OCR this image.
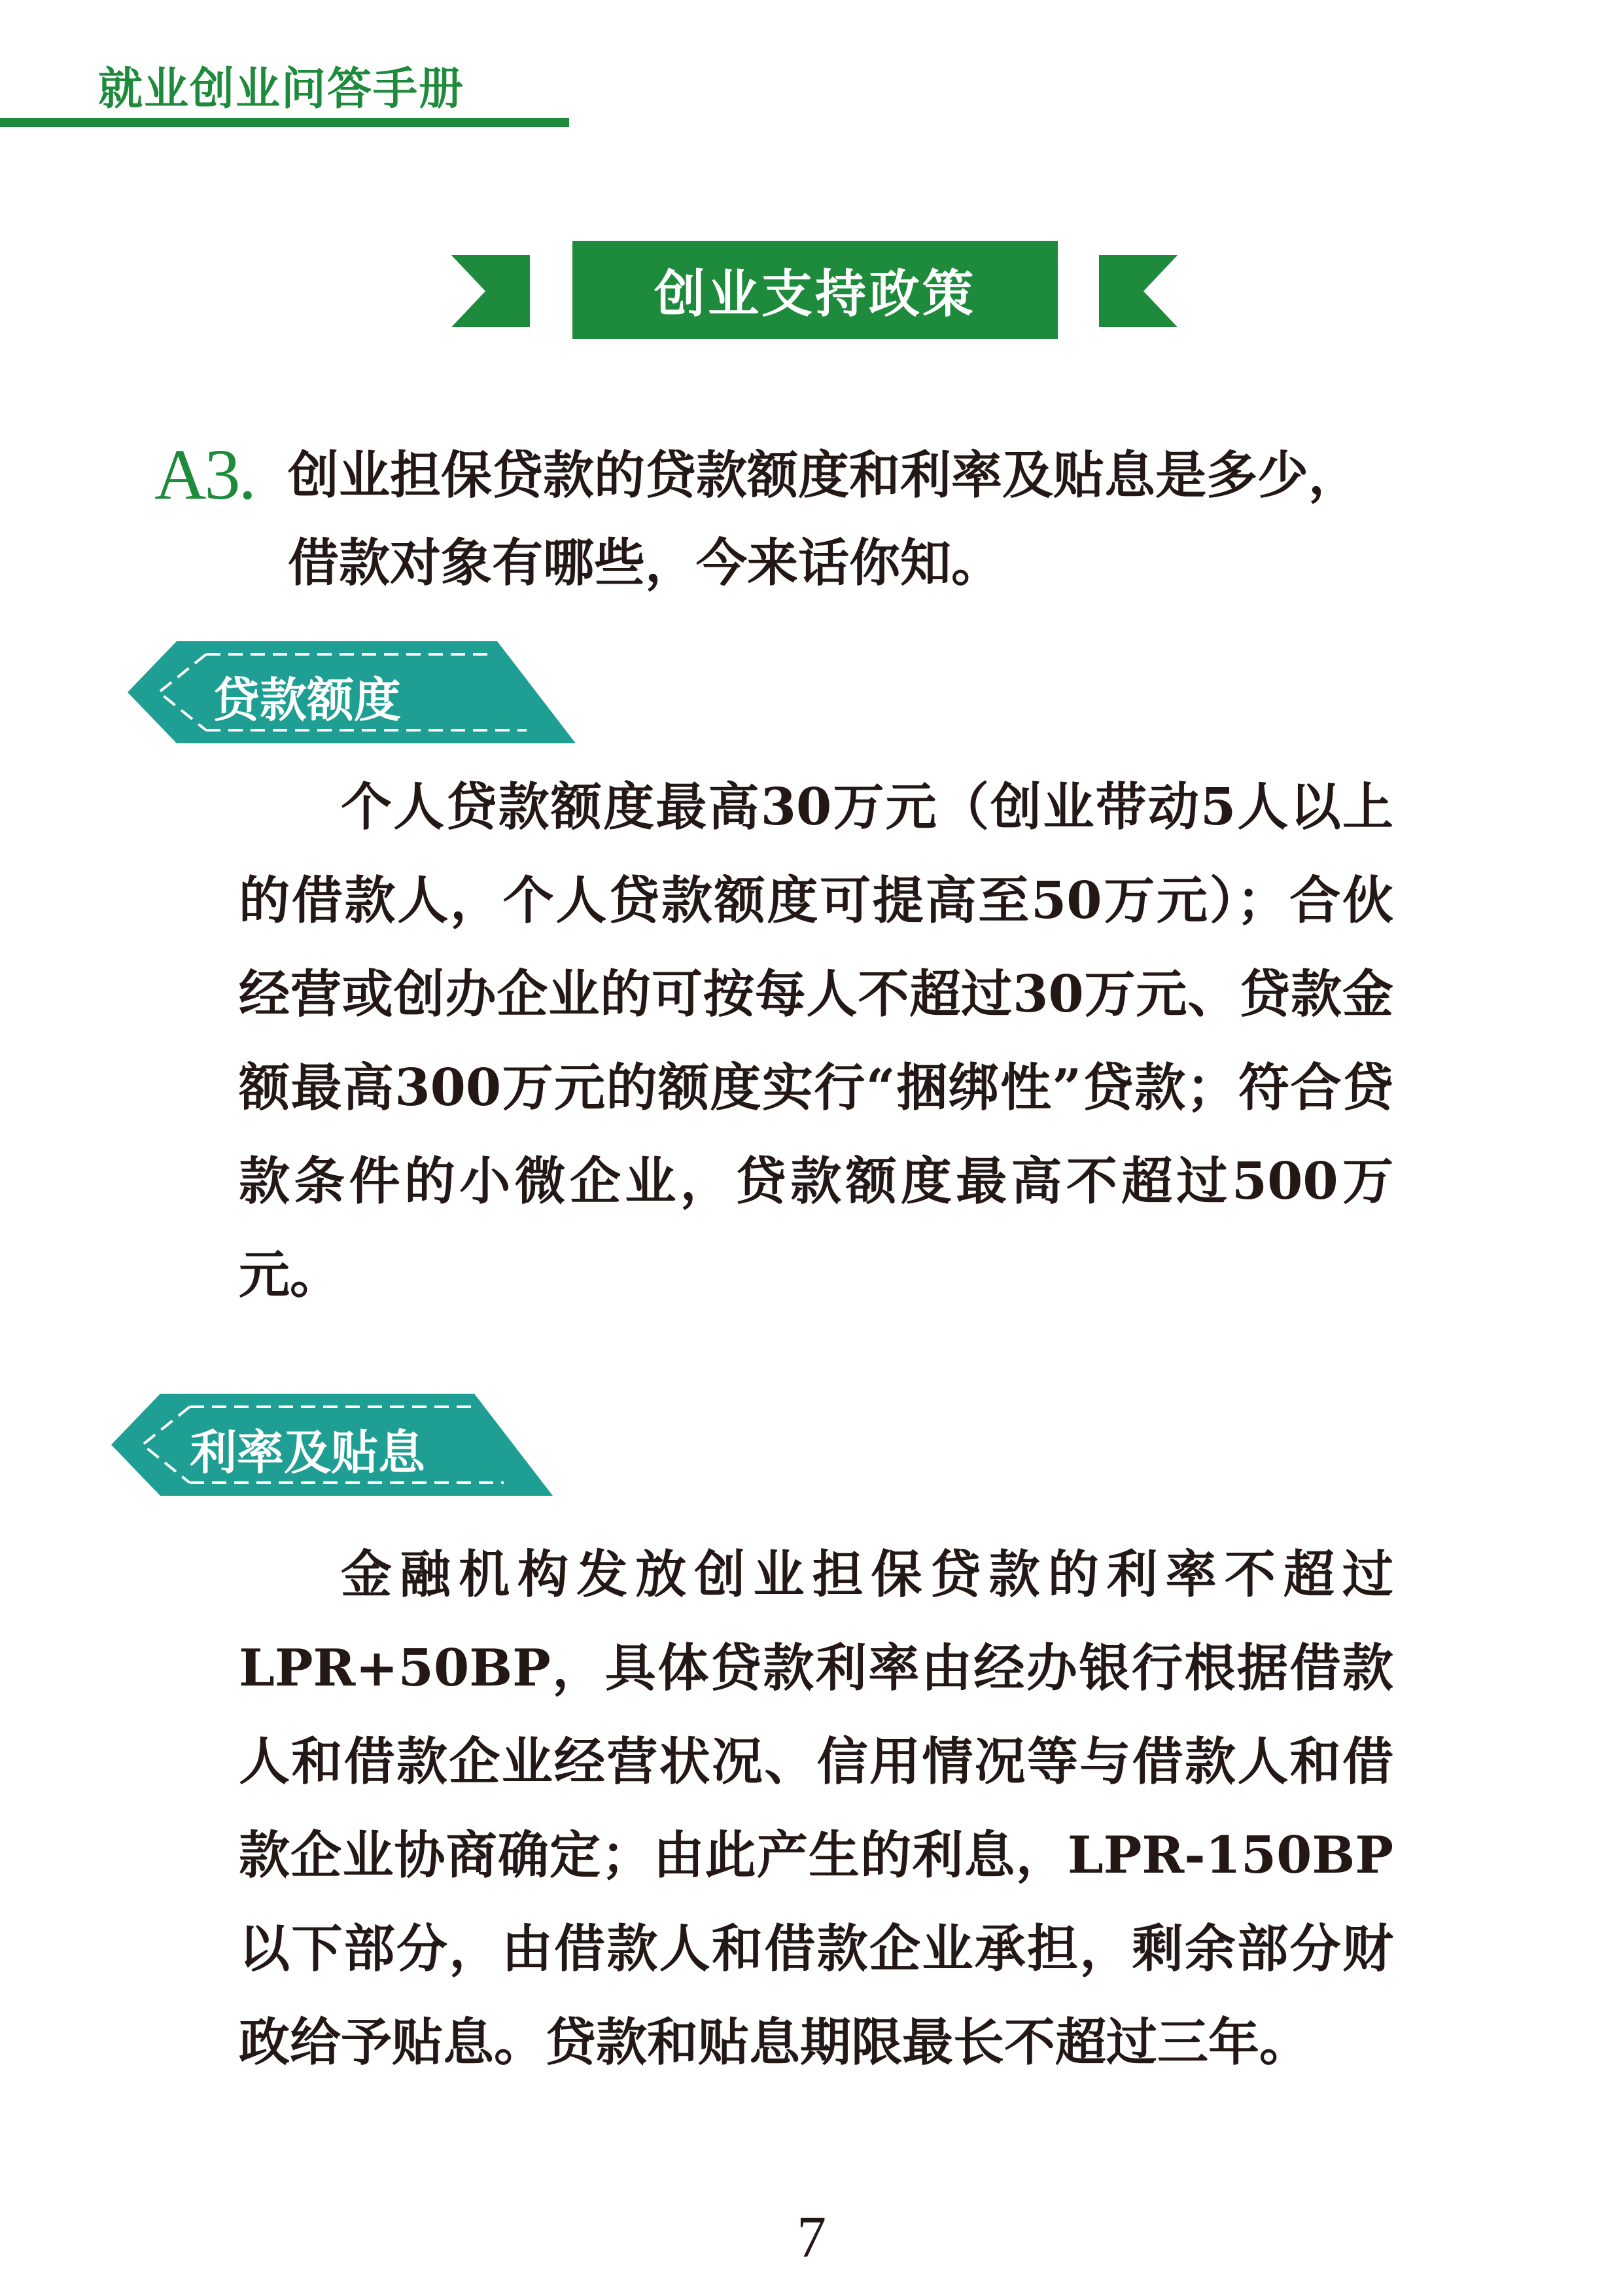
就业创业问答手册
创业支持政策
A3. 创业担保贷款的贷款额度和利率及贴息是多少，借款对象有哪些，今来话你知。
贷款额度

个人贷款额度最高30万元（创业带动5人以上的借款人，个人贷款额度可提高至50万元）；合伙经营或创办企业的可按每人不超过30万元、贷款金额最高300万元的额度实行“捆绑性”贷款；符合贷款条件的小微企业，贷款额度最高不超过500万元。

利率及贴息

金融机构发放创业担保贷款的利率不超过LPR+50BP，具体贷款利率由经办银行根据借款人和借款企业经营状况、信用情况等与借款人和借款企业协商确定；由此产生的利息，LPR-150BP以下部分，由借款人和借款企业承担，剩余部分财政给予贴息。贷款和贴息期限最长不超过三年。

7
